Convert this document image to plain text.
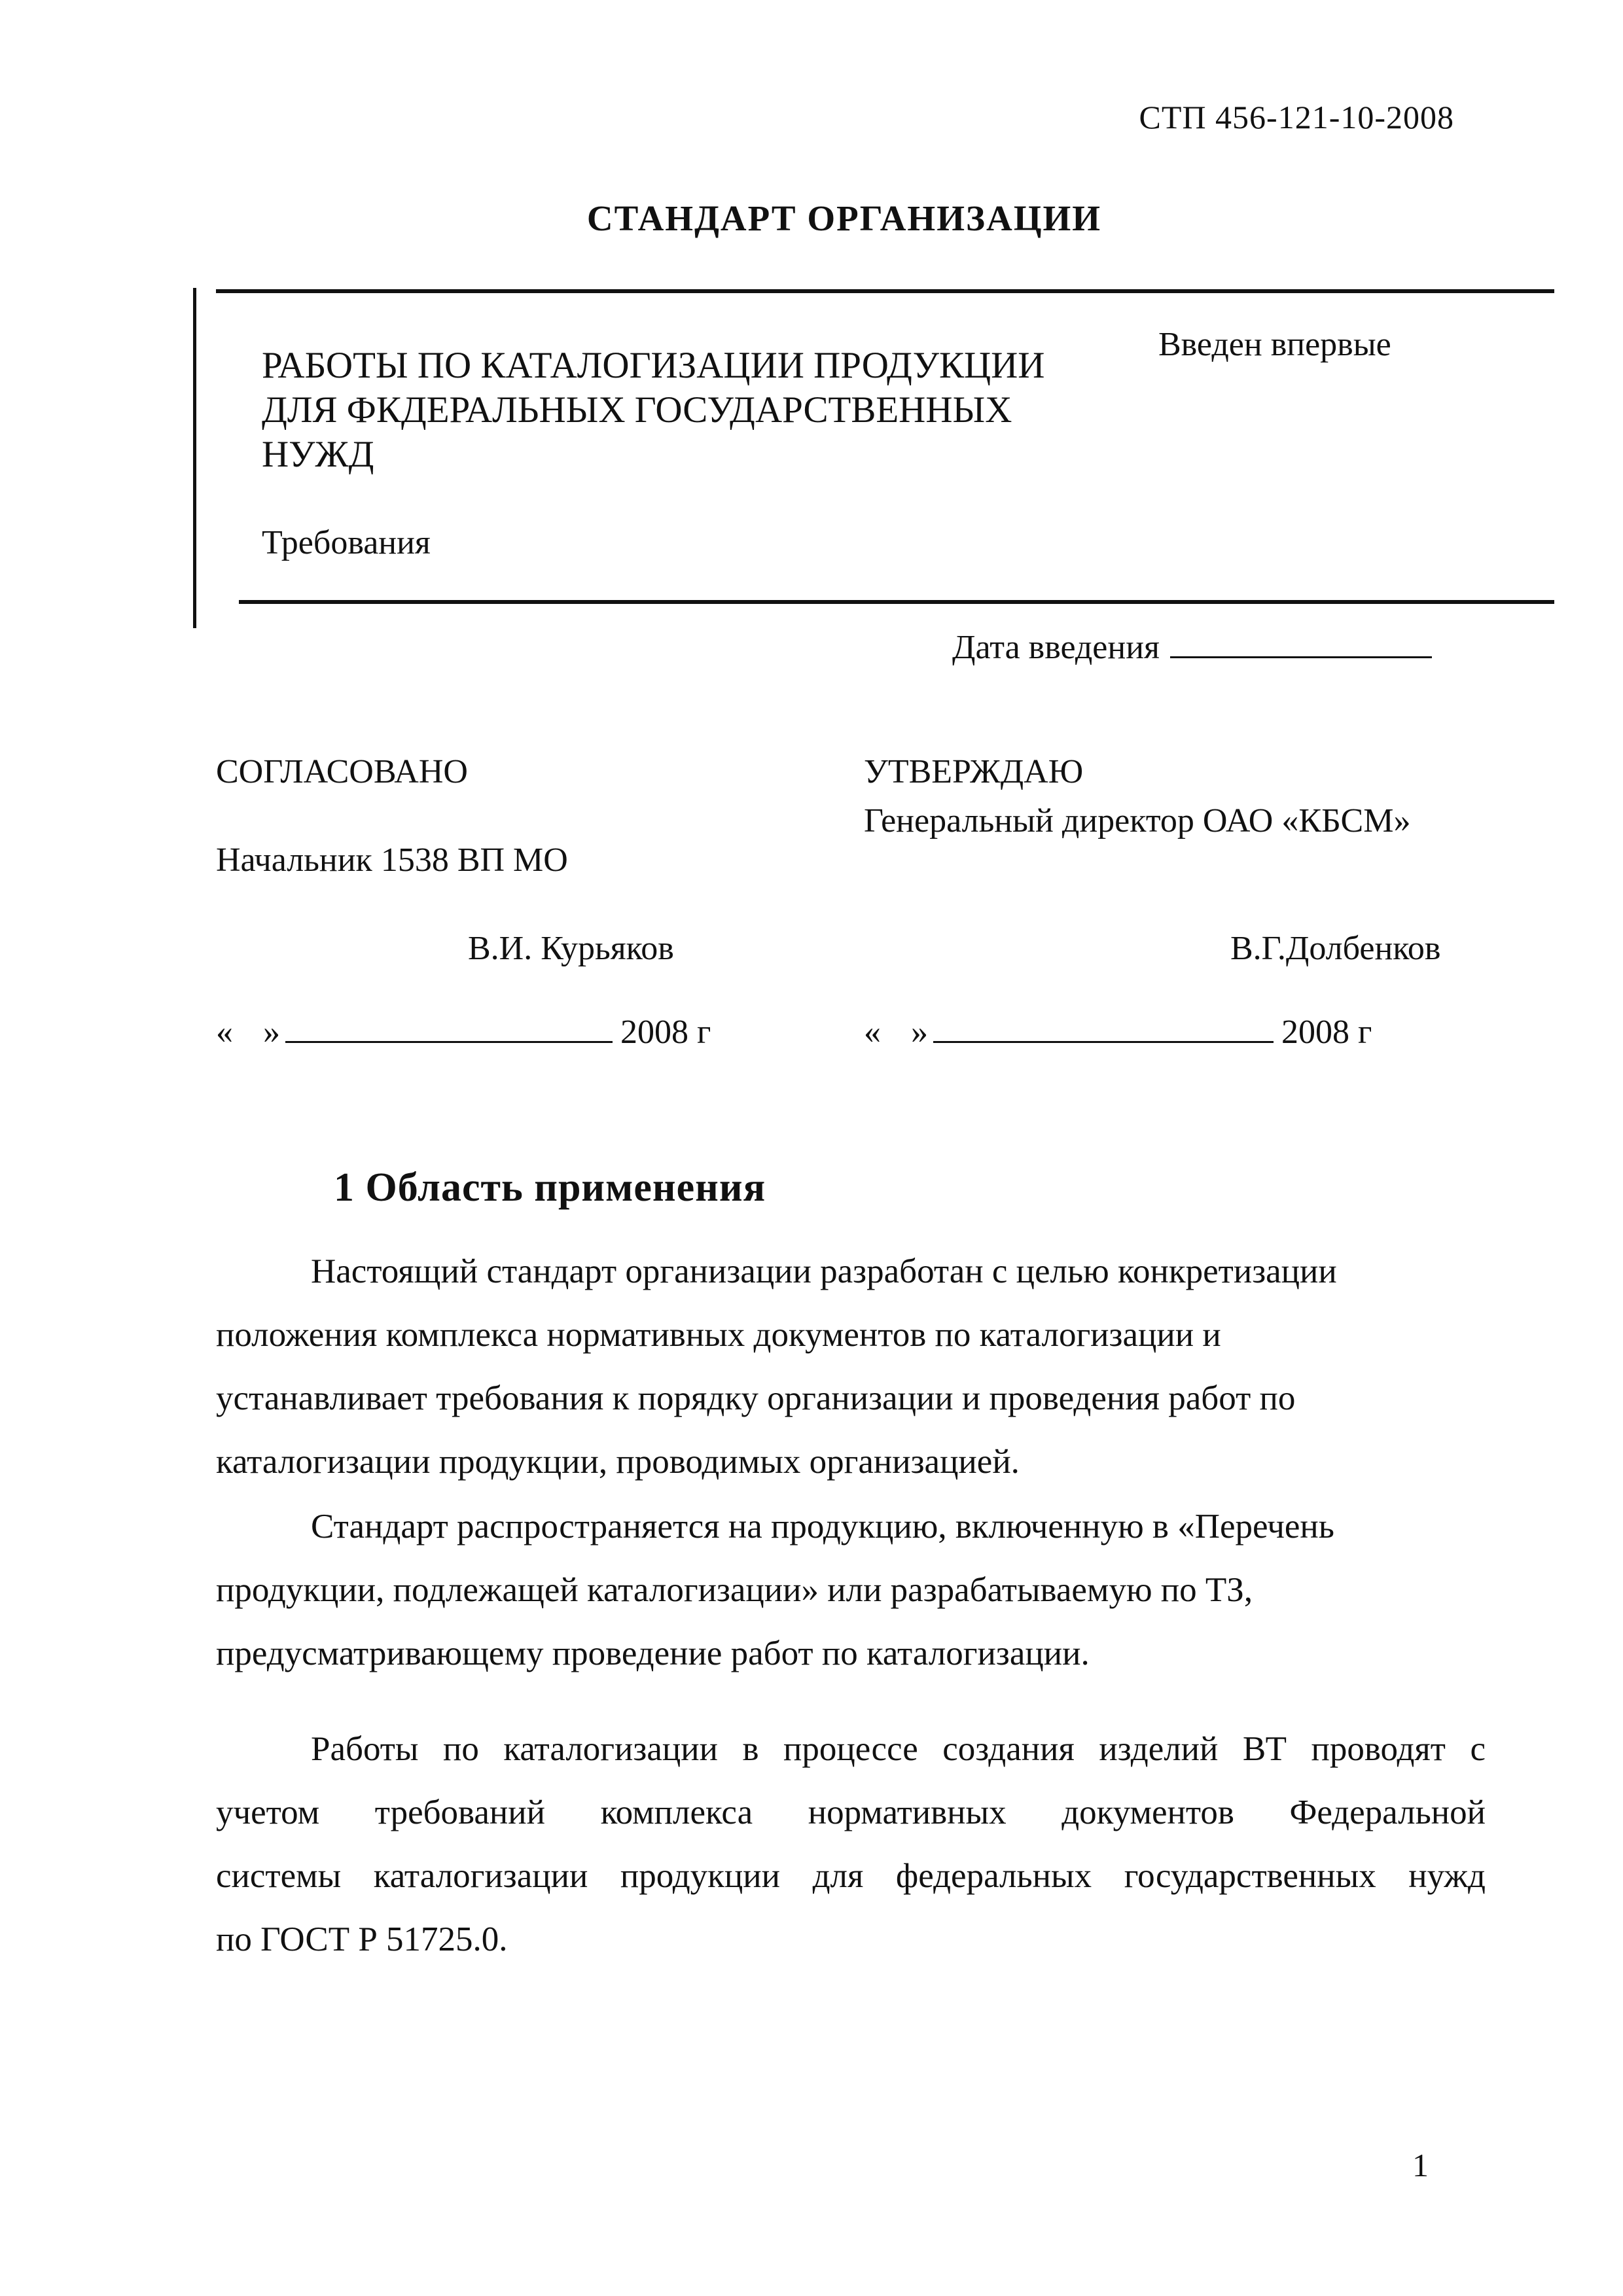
СТП 456-121-10-2008
СТАНДАРТ ОРГАНИЗАЦИИ
РАБОТЫ ПО КАТАЛОГИЗАЦИИ ПРОДУКЦИИ
ДЛЯ ФКДЕРАЛЬНЫХ ГОСУДАРСТВЕННЫХ
НУЖД
Введен впервые
Требования
Дата введения
СОГЛАСОВАНО
Начальник 1538 ВП МО
В.И. Курьяков
« »	2008 г
УТВЕРЖДАЮ
Генеральный директор ОАО «КБСМ»
В.Г.Долбенков
« »	2008 г
1 Область применения
Настоящий стандарт организации разработан с целью конкретизации
положения комплекса нормативных документов по каталогизации и
устанавливает требования к порядку организации и проведения работ по
каталогизации продукции, проводимых организацией.
Стандарт распространяется на продукцию, включенную в «Перечень
продукции, подлежащей каталогизации» или разрабатываемую по ТЗ,
предусматривающему проведение работ по каталогизации.
Работы по каталогизации в процессе создания изделий ВТ проводят с
учетом требований комплекса нормативных документов Федеральной
системы каталогизации продукции для федеральных государственных нужд
по ГОСТ Р 51725.0.
1
